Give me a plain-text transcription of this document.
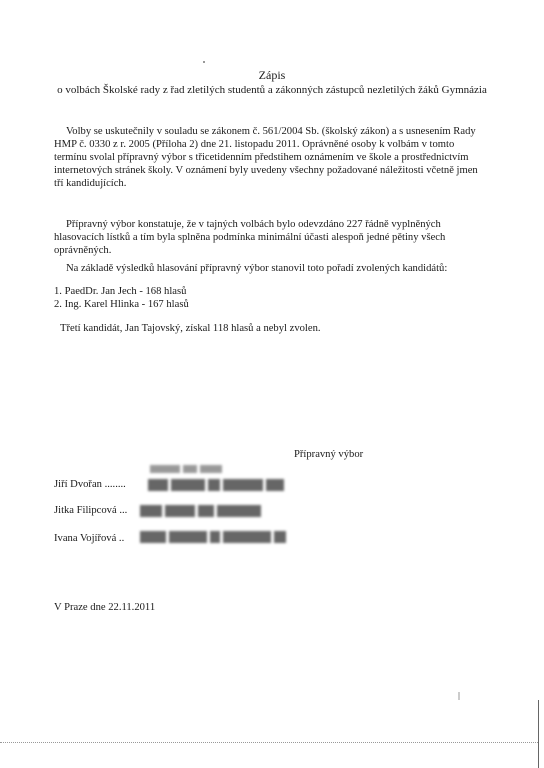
Zápis
o volbách Školské rady z řad zletilých studentů a zákonných zástupců nezletilých žáků Gymnázia
Volby se uskutečnily v souladu se zákonem č. 561/2004 Sb. (školský zákon) a s usnesením Rady HMP č. 0330 z r. 2005 (Příloha 2) dne 21. listopadu 2011. Oprávněné osoby k volbám v tomto termínu svolal přípravný výbor s třicetidenním předstihem oznámením ve škole a prostřednictvím internetových stránek školy. V oznámení byly uvedeny všechny požadované náležitosti včetně jmen tří kandidujících.
Přípravný výbor konstatuje, že v tajných volbách bylo odevzdáno 227 řádně vyplněných hlasovacích lístků a tím byla splněna podmínka minimální účasti alespoň jedné pětiny všech oprávněných.
Na základě výsledků hlasování přípravný výbor stanovil toto pořadí zvolených kandidátů:
1. PaedDr. Jan Jech - 168 hlasů
2. Ing. Karel Hlinka - 167 hlasů
Třetí kandidát, Jan Tajovský, získal 118 hlasů a nebyl zvolen.
Přípravný výbor
Jiří Dvořan ........
Jitka Filipcová ...
Ivana Vojířová ..
V Praze dne 22.11.2011
